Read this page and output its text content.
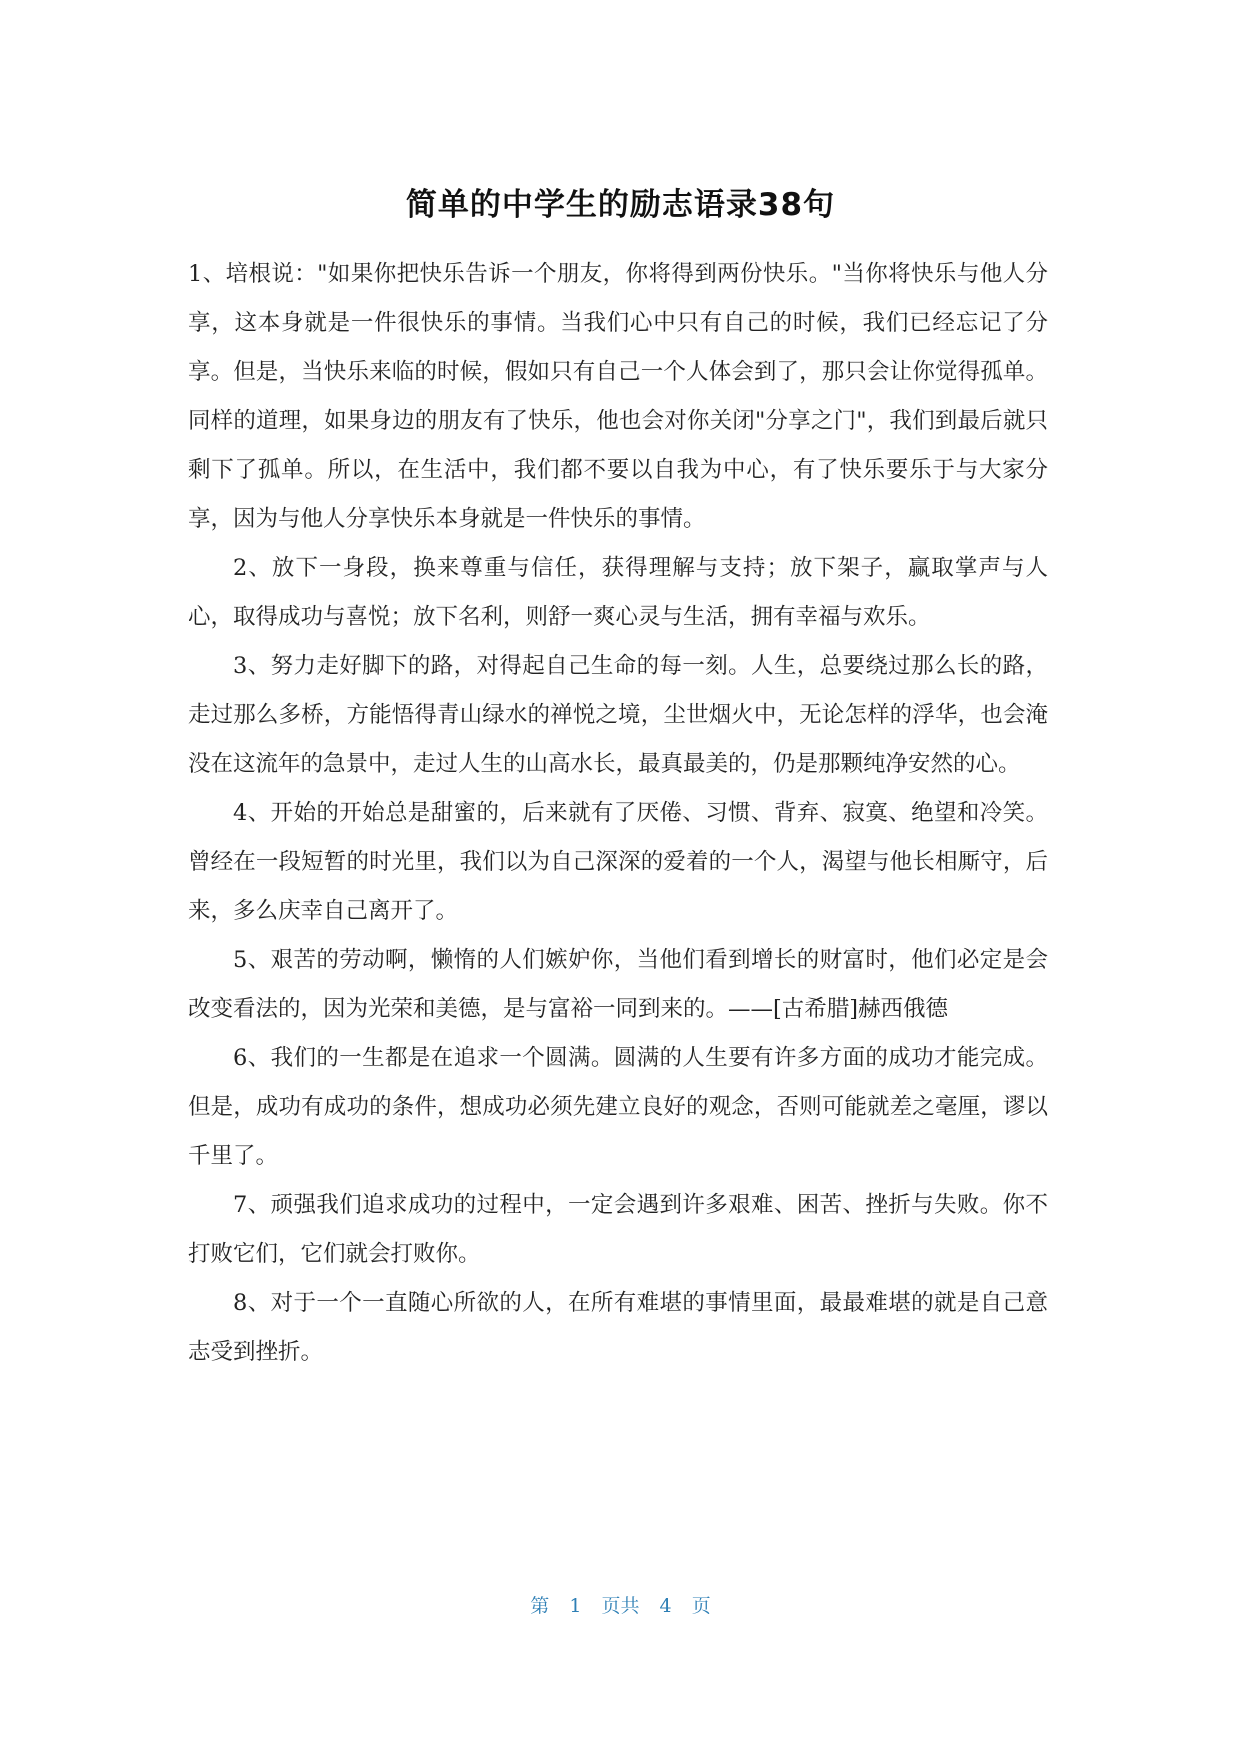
简单的中学生的励志语录38句

1、培根说："如果你把快乐告诉一个朋友，你将得到两份快乐。"当你将快乐与他人分享，这本身就是一件很快乐的事情。当我们心中只有自己的时候，我们已经忘记了分享。但是，当快乐来临的时候，假如只有自己一个人体会到了，那只会让你觉得孤单。同样的道理，如果身边的朋友有了快乐，他也会对你关闭"分享之门"，我们到最后就只剩下了孤单。所以，在生活中，我们都不要以自我为中心，有了快乐要乐于与大家分享，因为与他人分享快乐本身就是一件快乐的事情。

2、放下一身段，换来尊重与信任，获得理解与支持；放下架子，赢取掌声与人心，取得成功与喜悦；放下名利，则舒一爽心灵与生活，拥有幸福与欢乐。

3、努力走好脚下的路，对得起自己生命的每一刻。人生，总要绕过那么长的路，走过那么多桥，方能悟得青山绿水的禅悦之境，尘世烟火中，无论怎样的浮华，也会淹没在这流年的急景中，走过人生的山高水长，最真最美的，仍是那颗纯净安然的心。

4、开始的开始总是甜蜜的，后来就有了厌倦、习惯、背弃、寂寞、绝望和冷笑。曾经在一段短暂的时光里，我们以为自己深深的爱着的一个人，渴望与他长相厮守，后来，多么庆幸自己离开了。

5、艰苦的劳动啊，懒惰的人们嫉妒你，当他们看到增长的财富时，他们必定是会改变看法的，因为光荣和美德，是与富裕一同到来的。——[古希腊]赫西俄德

6、我们的一生都是在追求一个圆满。圆满的人生要有许多方面的成功才能完成。但是，成功有成功的条件，想成功必须先建立良好的观念，否则可能就差之毫厘，谬以千里了。

7、顽强我们追求成功的过程中，一定会遇到许多艰难、困苦、挫折与失败。你不打败它们，它们就会打败你。

8、对于一个一直随心所欲的人，在所有难堪的事情里面，最最难堪的就是自己意志受到挫折。

第 1 页共 4 页
